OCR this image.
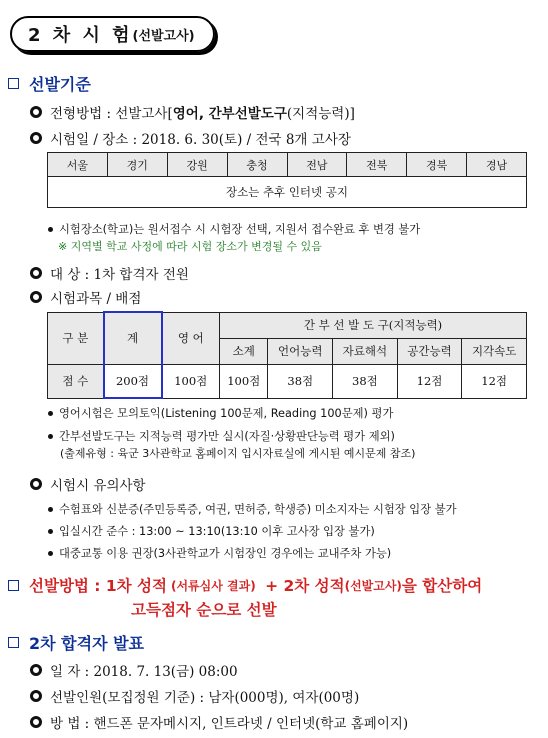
2 차 시 험 (선발고사)
선발기준
전형방법 : 선발고사[ 영어, 간부선발도구 (지적능력)]
시험일 / 장소 : 2018. 6. 30(토) / 전국 8개 고사장
서울	경기	강원	충청	전남	전북	경북	경남
장소는 추후 인터넷 공지
시험장소(학교)는 원서접수 시 시험장 선택, 지원서 접수완료 후 변경 불가
※ 지역별 학교 사정에 따라 시험 장소가 변경될 수 있음
대 상 : 1차 합격자 전원
시험과목 / 배점
구 분	계	영 어	간 부 선 발 도 구(지적능력)				
			소계	언어능력	자료해석	공간능력	지각속도
점 수	200점	100점	100점	38점	38점	12점	12점
영어시험은 모의토익(Listening 100문제, Reading 100문제) 평가
간부선발도구는 지적능력 평가만 실시(자질·상황판단능력 평가 제외)
(출제유형 : 육군 3사관학교 홈페이지 입시자료실에 게시된 예시문제 참조)
시험시 유의사항
수험표와 신분증(주민등록증, 여권, 면허증, 학생증) 미소지자는 시험장 입장 불가
입실시간 준수 : 13:00 ~ 13:10(13:10 이후 고사장 입장 불가)
대중교통 이용 권장(3사관학교가 시험장인 경우에는 교내주차 가능)
선발방법 : 1차 성적 (서류심사 결과) + 2차 성적 (선발고사) 을 합산하여
고득점자 순으로 선발
2차 합격자 발표
일 자 : 2018. 7. 13(금) 08:00
선발인원(모집정원 기준) : 남자(000명), 여자(00명)
방 법 : 핸드폰 문자메시지, 인트라넷 / 인터넷(학교 홈페이지)
